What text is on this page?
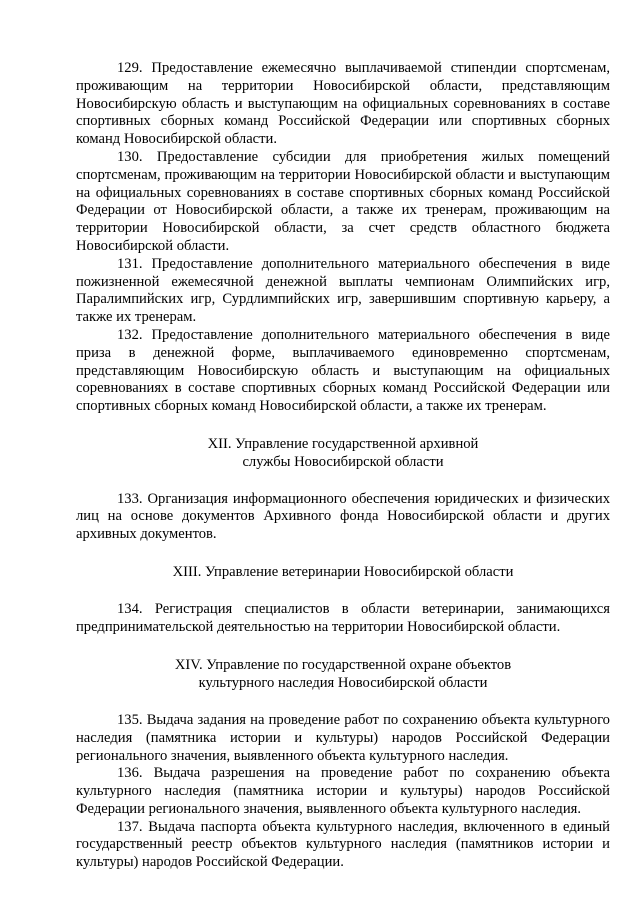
129. Предоставление ежемесячно выплачиваемой стипендии спортсменам, проживающим на территории Новосибирской области, представляющим Новосибирскую область и выступающим на официальных соревнованиях в составе спортивных сборных команд Российской Федерации или спортивных сборных команд Новосибирской области.

130. Предоставление субсидии для приобретения жилых помещений спортсменам, проживающим на территории Новосибирской области и выступающим на официальных соревнованиях в составе спортивных сборных команд Российской Федерации от Новосибирской области, а также их тренерам, проживающим на территории Новосибирской области, за счет средств областного бюджета Новосибирской области.

131. Предоставление дополнительного материального обеспечения в виде пожизненной ежемесячной денежной выплаты чемпионам Олимпийских игр, Паралимпийских игр, Сурдлимпийских игр, завершившим спортивную карьеру, а также их тренерам.

132. Предоставление дополнительного материального обеспечения в виде приза в денежной форме, выплачиваемого единовременно спортсменам, представляющим Новосибирскую область и выступающим на официальных соревнованиях в составе спортивных сборных команд Российской Федерации или спортивных сборных команд Новосибирской области, а также их тренерам.

XII. Управление государственной архивной
службы Новосибирской области

133. Организация информационного обеспечения юридических и физических лиц на основе документов Архивного фонда Новосибирской области и других архивных документов.

XIII. Управление ветеринарии Новосибирской области

134. Регистрация специалистов в области ветеринарии, занимающихся предпринимательской деятельностью на территории Новосибирской области.

XIV. Управление по государственной охране объектов
культурного наследия Новосибирской области

135. Выдача задания на проведение работ по сохранению объекта культурного наследия (памятника истории и культуры) народов Российской Федерации регионального значения, выявленного объекта культурного наследия.

136. Выдача разрешения на проведение работ по сохранению объекта культурного наследия (памятника истории и культуры) народов Российской Федерации регионального значения, выявленного объекта культурного наследия.

137. Выдача паспорта объекта культурного наследия, включенного в единый государственный реестр объектов культурного наследия (памятников истории и культуры) народов Российской Федерации.
